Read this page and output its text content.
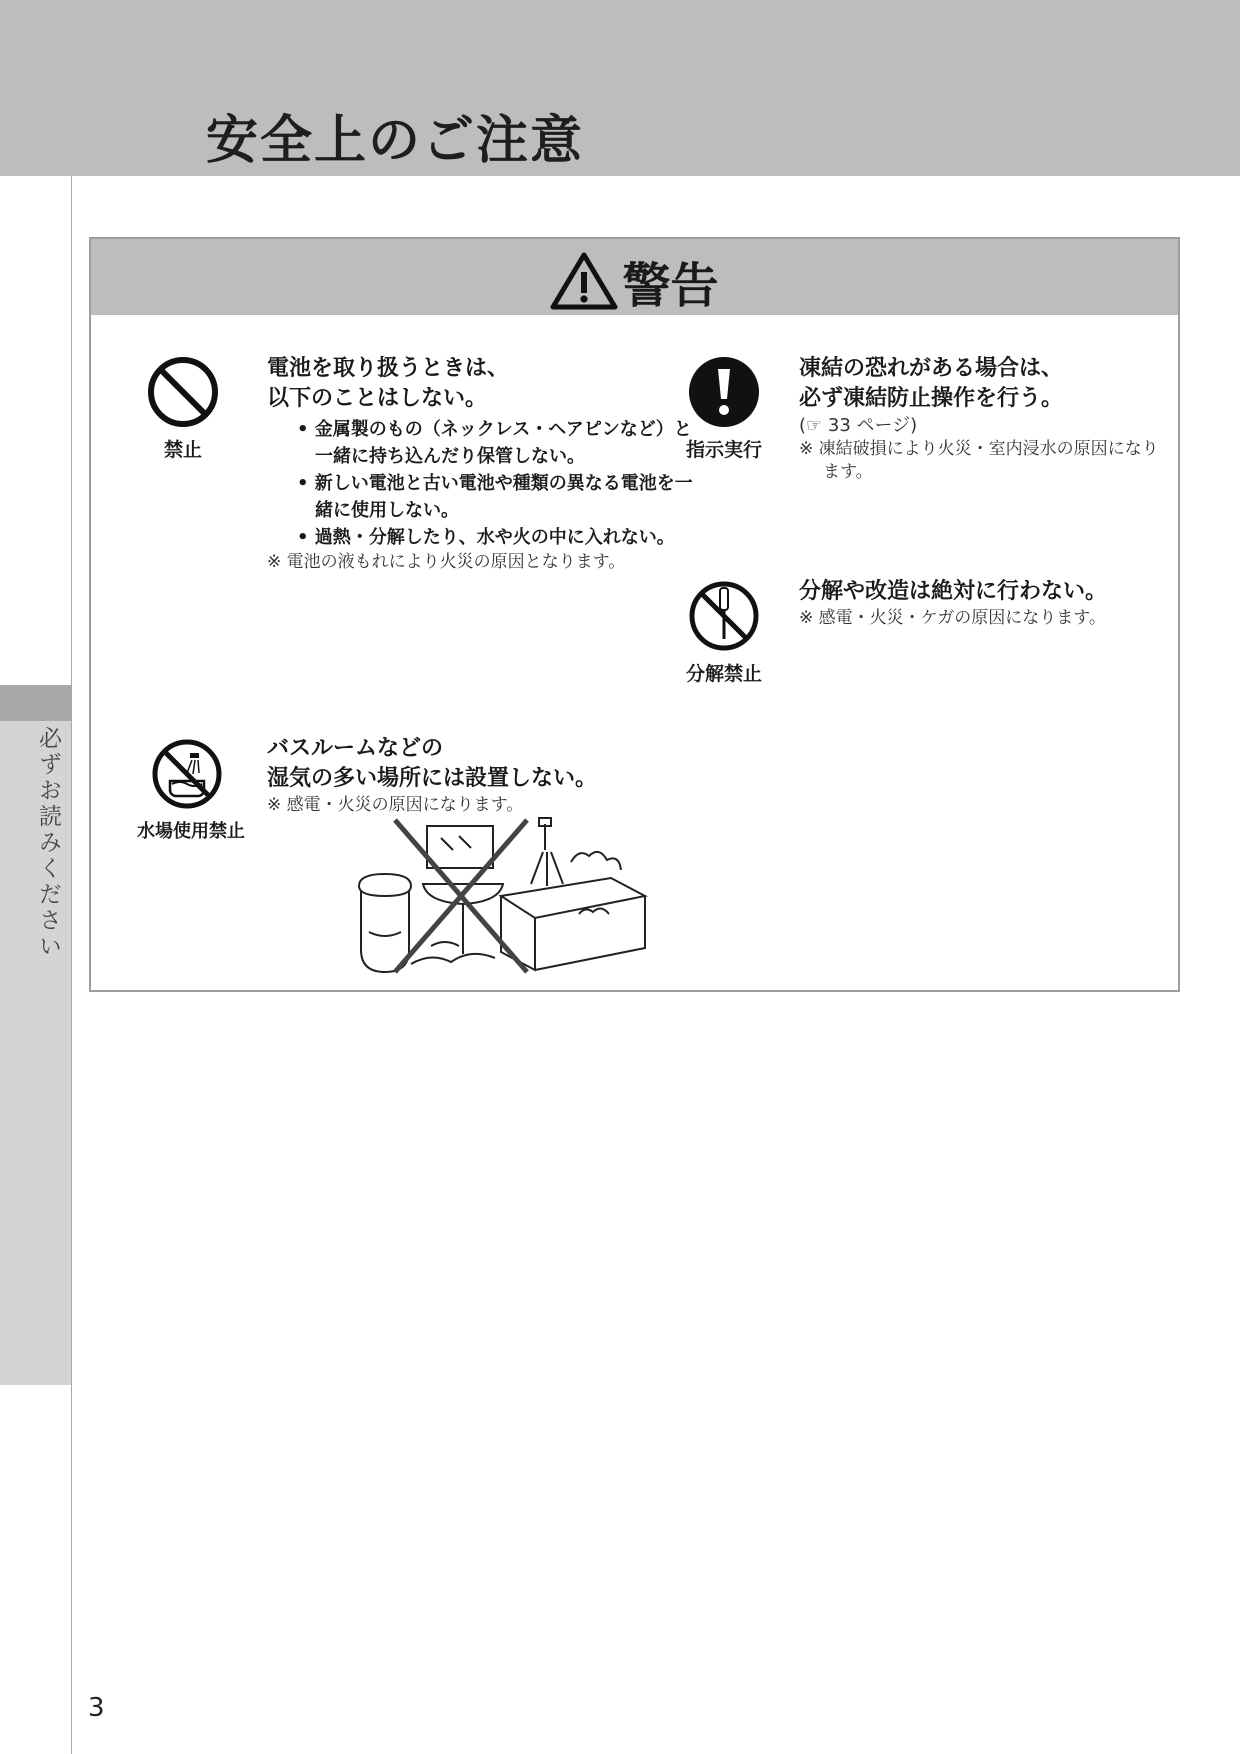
安全上のご注意
必ずお読みください
警告
禁止

電池を取り扱うときは、

以下のことはしない。

• 金属製のもの（ネックレス・ヘアピンなど）と一緒に持ち込んだり保管しない。
• 新しい電池と古い電池や種類の異なる電池を一緒に使用しない。
• 過熱・分解したり、水や火の中に入れない。
※ 電池の液もれにより火災の原因となります。
指示実行

凍結の恐れがある場合は、

必ず凍結防止操作を行う。

(☞ 33 ページ)
※ 凍結破損により火災・室内浸水の原因になります。
分解禁止

分解や改造は絶対に行わない。

※ 感電・火災・ケガの原因になります。
水場使用禁止

バスルームなどの

湿気の多い場所には設置しない。

※ 感電・火災の原因になります。
3
